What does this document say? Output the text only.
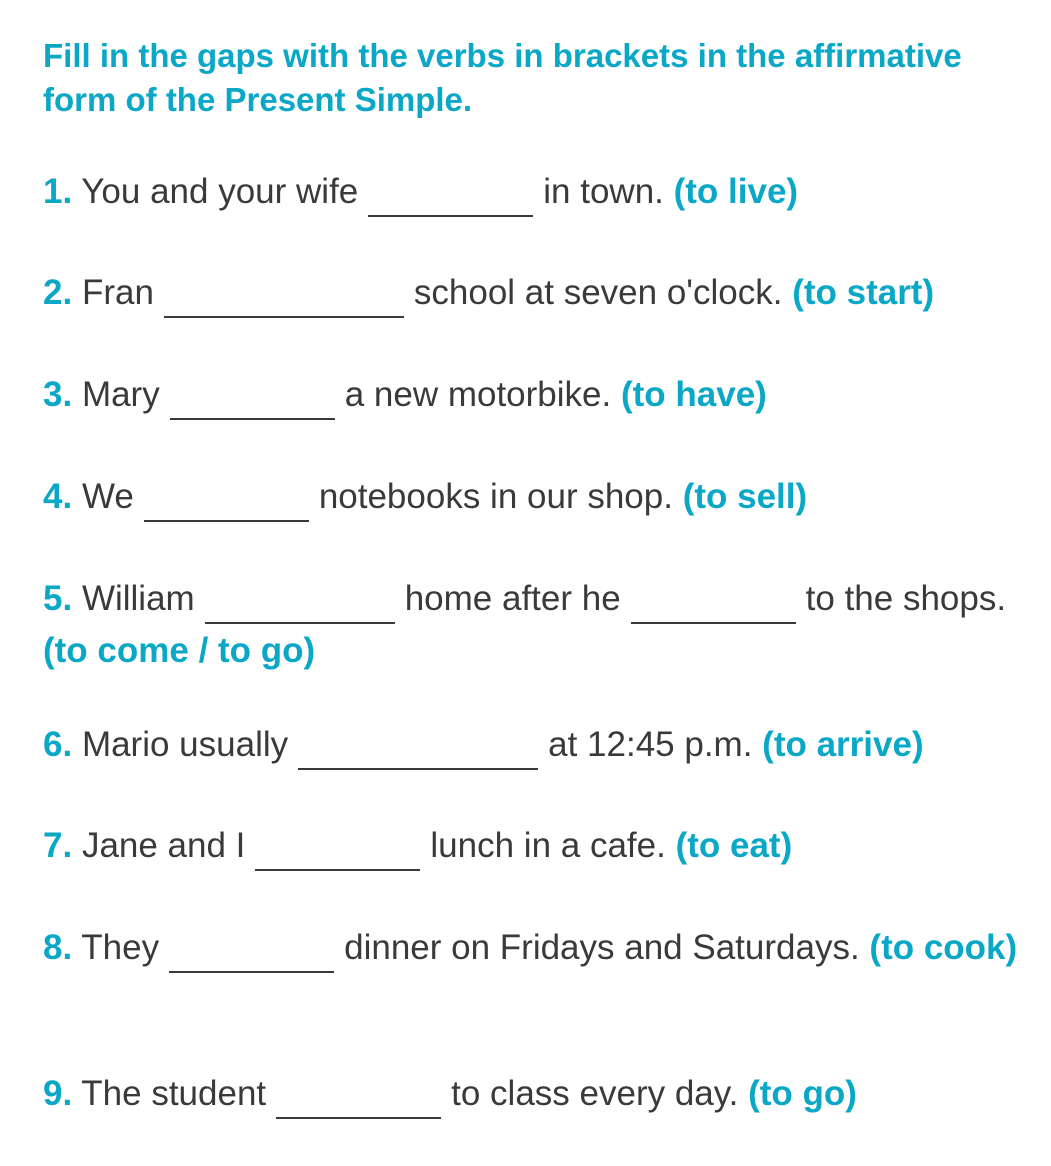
Fill in the gaps with the verbs in brackets in the affirmative form of the Present Simple.

1. You and your wife	in town. (to live)

2. Fran	school at seven o'clock. (to start)

3. Mary	a new motorbike. (to have)

4. We	notebooks in our shop. (to sell)

5. William	home after he	to the shops. (to come / to go)

6. Mario usually	at 12:45 p.m. (to arrive)

7. Jane and I	lunch in a cafe. (to eat)

8. They	dinner on Fridays and Saturdays. (to cook)

9. The student	to class every day. (to go)
